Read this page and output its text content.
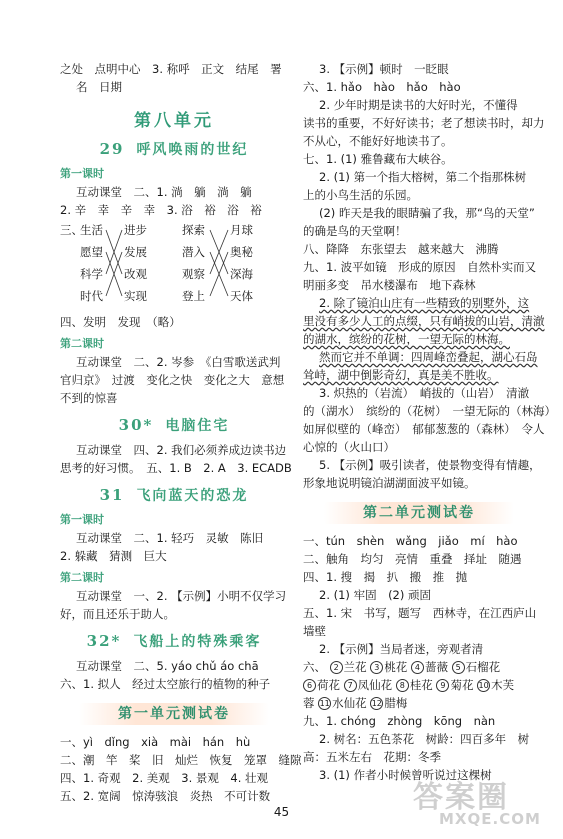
之处　点明中心　3. 称呼　正文　结尾　署
名　日期
第八单元
29 呼风唤雨的世纪
第一课时
互动课堂　二、1. 淌　躺　淌　躺
2. 辛　幸　辛　幸　3. 浴　裕　浴　裕
三、
生活
愿望
科学
时代
进步
发展
改观
实现
探索
潜入
观察
登上
月球
奥秘
深海
天体
四、发明　发现　（略）
第二课时
互动课堂　二、2. 岑参　《白雪歌送武判
官归京》　过渡　变化之快　变化之大　意想
不到的惊喜
30* 电脑住宅
互动课堂　四、2. 我们必须养成边读书边
思考的好习惯。　五、1. B　2. A　3. ECADB
31 飞向蓝天的恐龙
第一课时
互动课堂　二、1. 轻巧　灵敏　陈旧
2. 躲藏　猜测　巨大
第二课时
互动课堂　一、2. 【示例】小明不仅学习
好，而且还乐于助人。
32* 飞船上的特殊乘客
互动课堂　二、5. yáo chǔ áo chā
六、1. 拟人　经过太空旅行的植物的种子
第一单元测试卷
一、yì　dǐng　xià　mài　hán　hù
二、潮　竿　桨　旧　灿烂　恢复　笼罩　缝隙
四、1. 奇观　2. 美观　3. 景观　4. 壮观
五、2. 宽阔　惊涛骇浪　炎热　不可计数
3. 【示例】顿时　一眨眼
六、1. hǎo　hào　hǎo　hào
2. 少年时期是读书的大好时光，不懂得
读书的重要，不好好读书；老了想读书时，却力
不从心，不能好好地读书了。
七、1. (1) 雅鲁藏布大峡谷。
2. (1) 第一个指大榕树，第二个指那株树
上的小鸟生活的乐园。
(2) 昨天是我的眼睛骗了我，那“鸟的天堂”
的确是鸟的天堂啊！
八、降降　东张望去　越来越大　沸腾
九、1. 波平如镜　形成的原因　自然朴实而又
明丽多变　吊水楼瀑布　地下森林
2. 除了镜泊山庄有一些精致的别墅外，这
里没有多少人工的点缀，只有峭拔的山岩，清澈
的湖水，缤纷的花树，一望无际的林海。
然而它并不单调：四周峰峦叠起，湖心石岛
耸峙，湖中倒影奇幻，真是美不胜收。
3. 炽热的（岩流）　峭拔的（山岩）　清澈
的（湖水）　缤纷的（花树）　一望无际的（林海）
如屏似壁的（峰峦）　郁郁葱葱的（森林）　令人
心惊的（火山口）
5. 【示例】吸引读者，使景物变得有情趣，
形象地说明镜泊湖湖面波平如镜。
第二单元测试卷
一、tún　shèn　wǎng　jiǎo　mí　hào
二、触角　均匀　亮情　重叠　择址　随遇
四、1. 搜　揭　扒　搬　推　抛
2. (1) 牢固　(2) 顽固
五、1. 宋　书写，题写　西林寺，在江西庐山
墙壁
2. 【示例】当局者迷，旁观者清
六、 2 兰花 3 桃花 4 蔷薇 5 石榴花
6 荷花 7 凤仙花 8 桂花 9 菊花 10 木芙
蓉 11 水仙花 12 腊梅
九、1. chóng　zhòng　kōng　nàn
2. 树名：五色茶花　树龄：四百多年　树
高：五米左右　花期：冬季
3. (1) 作者小时候曾听说过这棵树
45	答案圈
MXQE.COM
